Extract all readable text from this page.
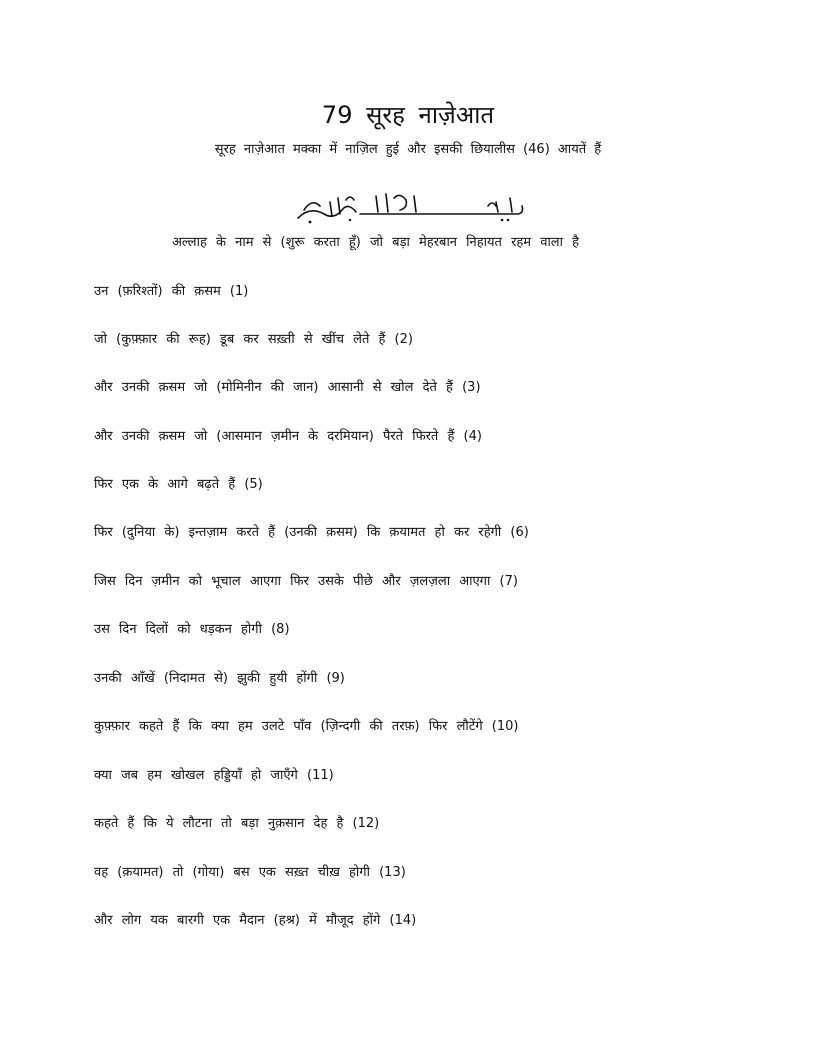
79 सूरह नाज़ेआत

सूरह नाज़ेआत मक्का में नाज़िल हुई और इसकी छियालीस (46) आयतें हैं

अल्लाह के नाम से (शुरू करता हूँ) जो बड़ा मेहरबान निहायत रहम वाला है

उन (फ़रिश्तों) की क़सम (1)

जो (कुफ़्फ़ार की रूह) डूब कर सख़्ती से खींच लेते हैं (2)

और उनकी क़सम जो (मोमिनीन की जान) आसानी से खोल देते हैं (3)

और उनकी क़सम जो (आसमान ज़मीन के दरमियान) पैरते फिरते हैं (4)

फिर एक के आगे बढ़ते हैं (5)

फिर (दुनिया के) इन्तज़ाम करते हैं (उनकी क़सम) कि क़यामत हो कर रहेगी (6)

जिस दिन ज़मीन को भूचाल आएगा फिर उसके पीछे और ज़लज़ला आएगा (7)

उस दिन दिलों को धड़कन होगी (8)

उनकी आँखें (निदामत से) झुकी हुयी होंगी (9)

कुफ़्फ़ार कहते हैं कि क्या हम उलटे पाँव (ज़िन्दगी की तरफ़) फिर लौटेंगे (10)

क्या जब हम खोखल हड्डियाँ हो जाएँगे (11)

कहते हैं कि ये लौटना तो बड़ा नुक़सान देह है (12)

वह (क़यामत) तो (गोया) बस एक सख़्त चीख़ होगी (13)

और लोग यक बारगी एक मैदान (हश्र) में मौजूद होंगे (14)
